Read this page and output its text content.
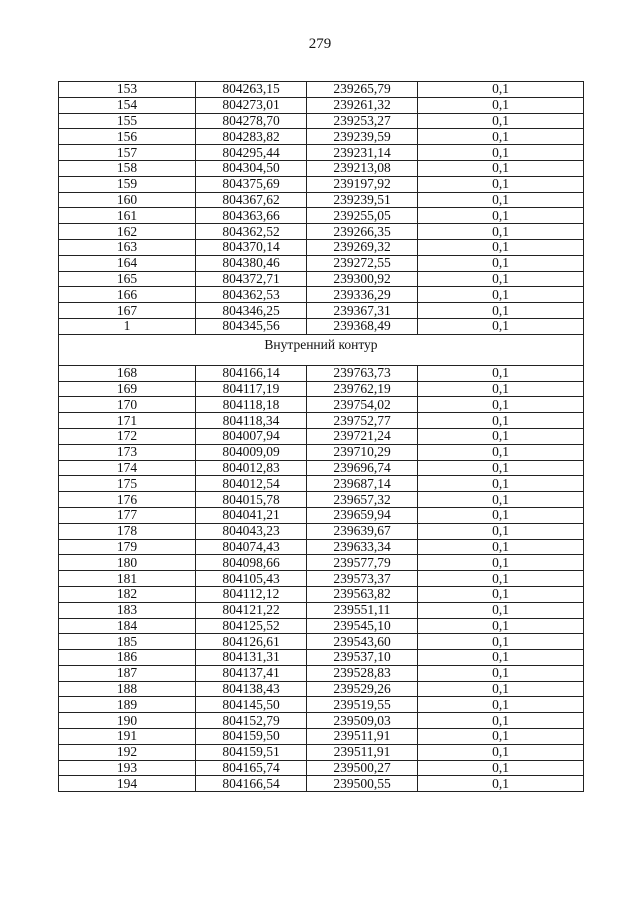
279
153	804263,15	239265,79	0,1
154	804273,01	239261,32	0,1
155	804278,70	239253,27	0,1
156	804283,82	239239,59	0,1
157	804295,44	239231,14	0,1
158	804304,50	239213,08	0,1
159	804375,69	239197,92	0,1
160	804367,62	239239,51	0,1
161	804363,66	239255,05	0,1
162	804362,52	239266,35	0,1
163	804370,14	239269,32	0,1
164	804380,46	239272,55	0,1
165	804372,71	239300,92	0,1
166	804362,53	239336,29	0,1
167	804346,25	239367,31	0,1
1	804345,56	239368,49	0,1
Внутренний контур			
168	804166,14	239763,73	0,1
169	804117,19	239762,19	0,1
170	804118,18	239754,02	0,1
171	804118,34	239752,77	0,1
172	804007,94	239721,24	0,1
173	804009,09	239710,29	0,1
174	804012,83	239696,74	0,1
175	804012,54	239687,14	0,1
176	804015,78	239657,32	0,1
177	804041,21	239659,94	0,1
178	804043,23	239639,67	0,1
179	804074,43	239633,34	0,1
180	804098,66	239577,79	0,1
181	804105,43	239573,37	0,1
182	804112,12	239563,82	0,1
183	804121,22	239551,11	0,1
184	804125,52	239545,10	0,1
185	804126,61	239543,60	0,1
186	804131,31	239537,10	0,1
187	804137,41	239528,83	0,1
188	804138,43	239529,26	0,1
189	804145,50	239519,55	0,1
190	804152,79	239509,03	0,1
191	804159,50	239511,91	0,1
192	804159,51	239511,91	0,1
193	804165,74	239500,27	0,1
194	804166,54	239500,55	0,1
